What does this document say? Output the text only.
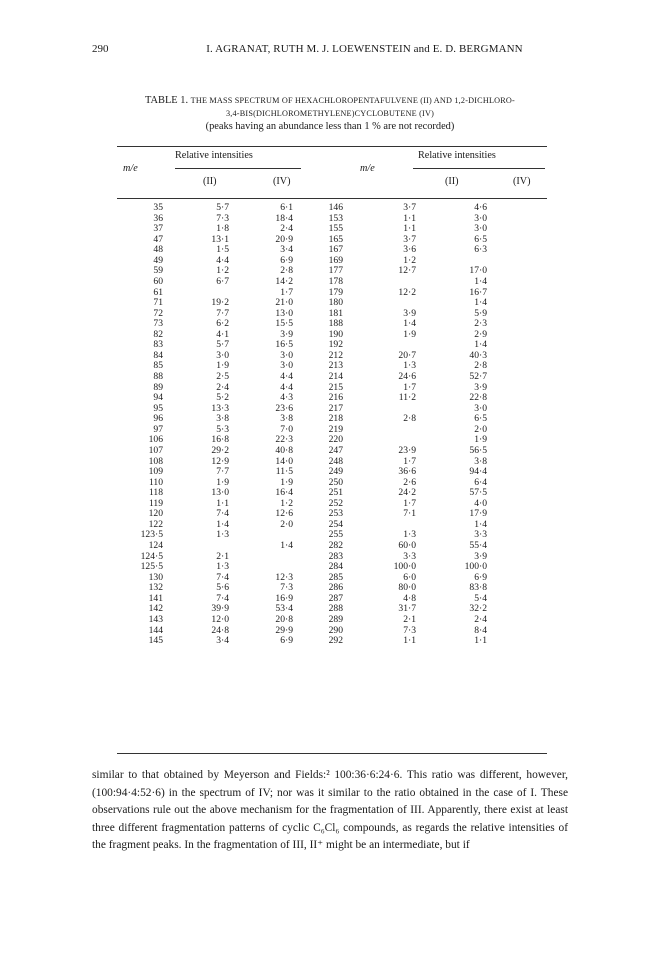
290	I. AGRANAT, RUTH M. J. LOEWENSTEIN and E. D. BERGMANN
TABLE 1. THE MASS SPECTRUM OF HEXACHLOROPENTAFULVENE (II) AND 1,2-DICHLORO-
3,4-BIS(DICHLOROMETHYLENE)CYCLOBUTENE (IV)
(peaks having an abundance less than 1 % are not recorded)
m/e
Relative intensities
(II)	(IV)
m/e
Relative intensities
(II)	(IV)
35	5·7	6·1	146	3·7	4·6
36	7·3	18·4	153	1·1	3·0
37	1·8	2·4	155	1·1	3·0
47	13·1	20·9	165	3·7	6·5
48	1·5	3·4	167	3·6	6·3
49	4·4	6·9	169	1·2	
59	1·2	2·8	177	12·7	17·0
60	6·7	14·2	178		1·4
61		1·7	179	12·2	16·7
71	19·2	21·0	180		1·4
72	7·7	13·0	181	3·9	5·9
73	6·2	15·5	188	1·4	2·3
82	4·1	3·9	190	1·9	2·9
83	5·7	16·5	192		1·4
84	3·0	3·0	212	20·7	40·3
85	1·9	3·0	213	1·3	2·8
88	2·5	4·4	214	24·6	52·7
89	2·4	4·4	215	1·7	3·9
94	5·2	4·3	216	11·2	22·8
95	13·3	23·6	217		3·0
96	3·8	3·8	218	2·8	6·5
97	5·3	7·0	219		2·0
106	16·8	22·3	220		1·9
107	29·2	40·8	247	23·9	56·5
108	12·9	14·0	248	1·7	3·8
109	7·7	11·5	249	36·6	94·4
110	1·9	1·9	250	2·6	6·4
118	13·0	16·4	251	24·2	57·5
119	1·1	1·2	252	1·7	4·0
120	7·4	12·6	253	7·1	17·9
122	1·4	2·0	254		1·4
123·5	1·3		255	1·3	3·3
124		1·4	282	60·0	55·4
124·5	2·1		283	3·3	3·9
125·5	1·3		284	100·0	100·0
130	7·4	12·3	285	6·0	6·9
132	5·6	7·3	286	80·0	83·8
141	7·4	16·9	287	4·8	5·4
142	39·9	53·4	288	31·7	32·2
143	12·0	20·8	289	2·1	2·4
144	24·8	29·9	290	7·3	8·4
145	3·4	6·9	292	1·1	1·1

similar to that obtained by Meyerson and Fields:² 100:36·6:24·6. This ratio was different, however, (100:94·4:52·6) in the spectrum of IV; nor was it similar to the ratio obtained in the case of I. These observations rule out the above mechanism for the fragmentation of III. Apparently, there exist at least three different fragmentation patterns of cyclic C₆Cl₆ compounds, as regards the relative intensities of the fragment peaks. In the fragmentation of III, II⁺ might be an intermediate, but if
